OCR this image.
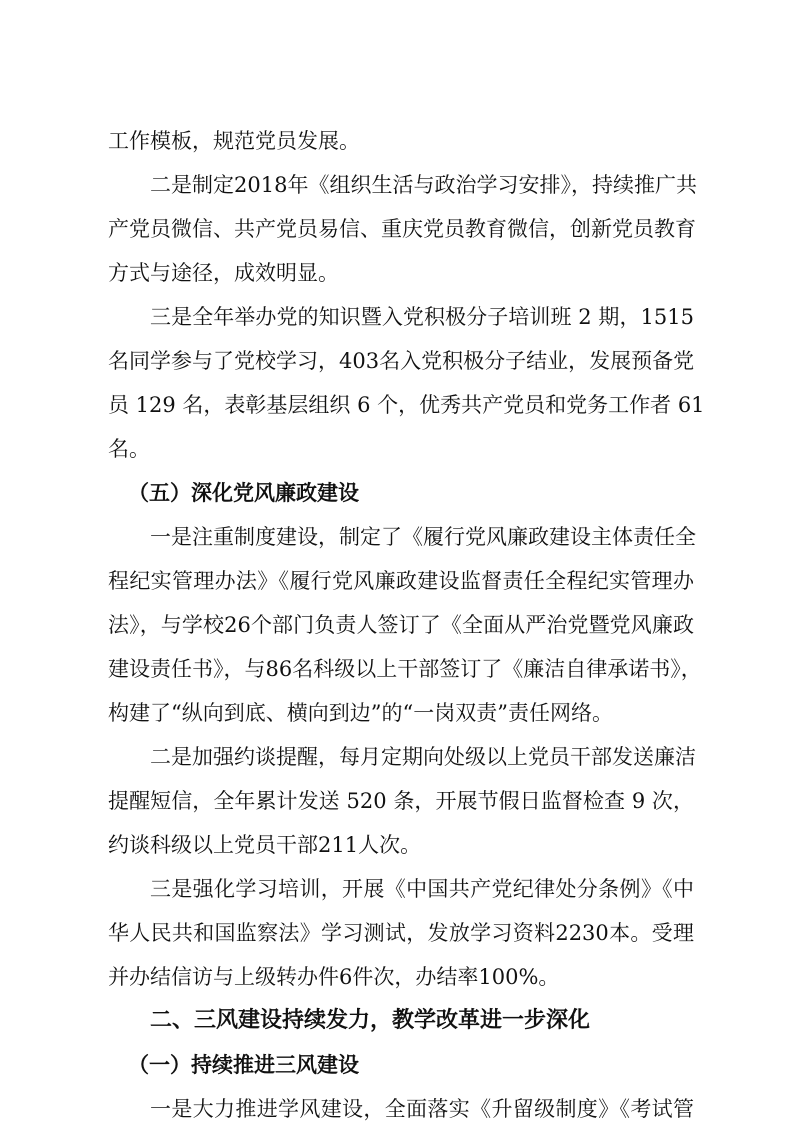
工作模板，规范党员发展。
二是制定2018年《组织生活与政治学习安排》，持续推广共
产党员微信、共产党员易信、重庆党员教育微信，创新党员教育
方式与途径，成效明显。
三是全年举办党的知识暨入党积极分子培训班 2 期，1515
名同学参与了党校学习，403名入党积极分子结业，发展预备党
员 129 名，表彰基层组织 6 个，优秀共产党员和党务工作者 61
名。
（五）深化党风廉政建设
一是注重制度建设，制定了《履行党风廉政建设主体责任全
程纪实管理办法》《履行党风廉政建设监督责任全程纪实管理办
法》，与学校26个部门负责人签订了《全面从严治党暨党风廉政
建设责任书》，与86名科级以上干部签订了《廉洁自律承诺书》，
构建了“纵向到底、横向到边”的“一岗双责”责任网络。
二是加强约谈提醒，每月定期向处级以上党员干部发送廉洁
提醒短信，全年累计发送 520 条，开展节假日监督检查 9 次，
约谈科级以上党员干部211人次。
三是强化学习培训，开展《中国共产党纪律处分条例》《中
华人民共和国监察法》学习测试，发放学习资料2230本。受理
并办结信访与上级转办件6件次，办结率100%。
二、三风建设持续发力，教学改革进一步深化
（一）持续推进三风建设
一是大力推进学风建设，全面落实《升留级制度》《考试管
